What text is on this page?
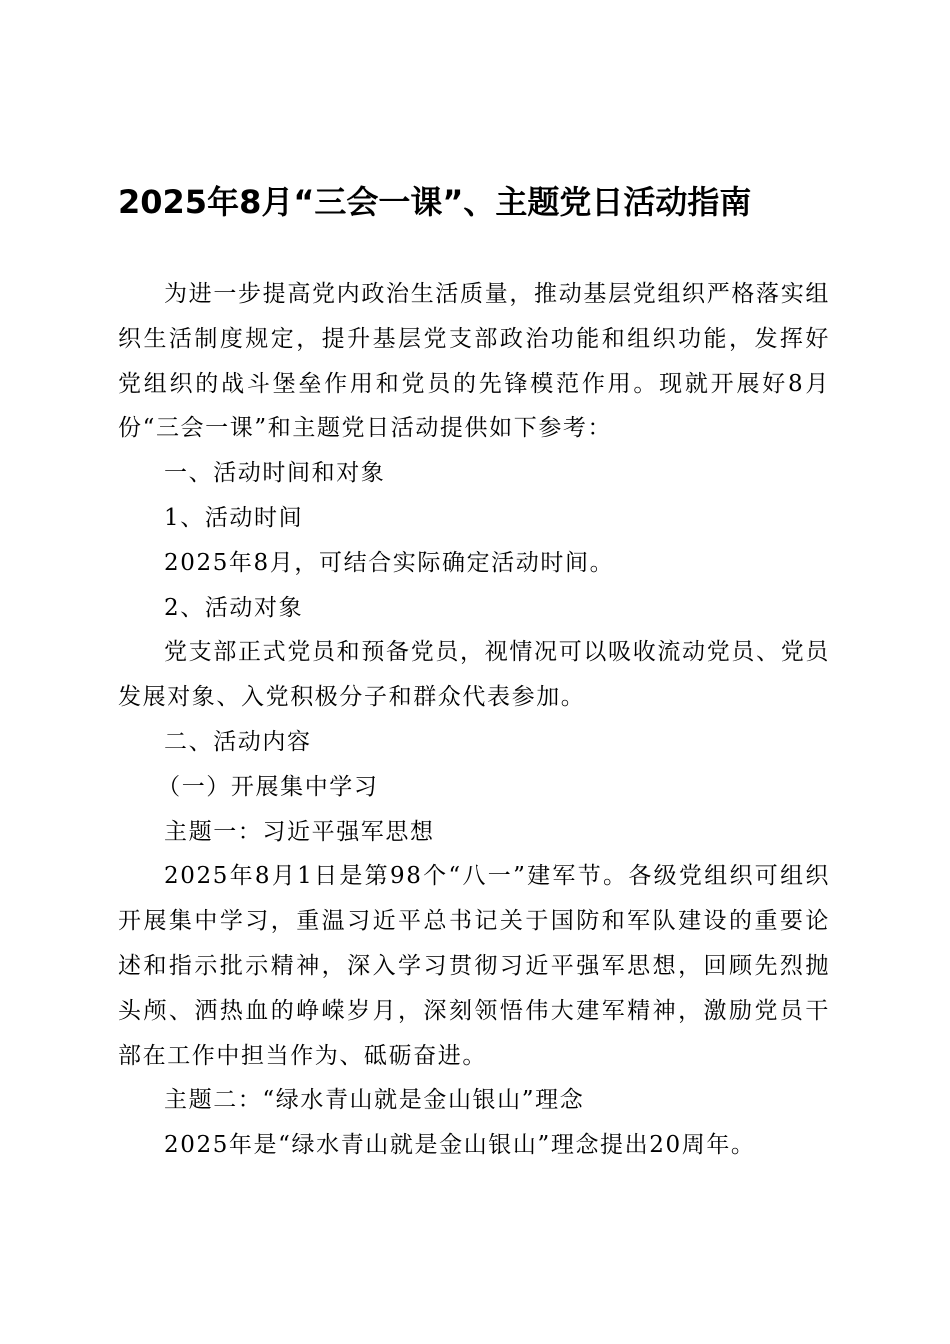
2025年8月“三会一课”、主题党日活动指南

为进一步提高党内政治生活质量，推动基层党组织严格落实组织生活制度规定，提升基层党支部政治功能和组织功能，发挥好党组织的战斗堡垒作用和党员的先锋模范作用。现就开展好8月份“三会一课”和主题党日活动提供如下参考：

一、活动时间和对象

1、活动时间

2025年8月，可结合实际确定活动时间。

2、活动对象

党支部正式党员和预备党员，视情况可以吸收流动党员、党员发展对象、入党积极分子和群众代表参加。

二、活动内容

（一）开展集中学习

主题一：习近平强军思想

2025年8月1日是第98个“八一”建军节。各级党组织可组织开展集中学习，重温习近平总书记关于国防和军队建设的重要论述和指示批示精神，深入学习贯彻习近平强军思想，回顾先烈抛头颅、洒热血的峥嵘岁月，深刻领悟伟大建军精神，激励党员干部在工作中担当作为、砥砺奋进。

主题二：“绿水青山就是金山银山”理念

2025年是“绿水青山就是金山银山”理念提出20周年。
